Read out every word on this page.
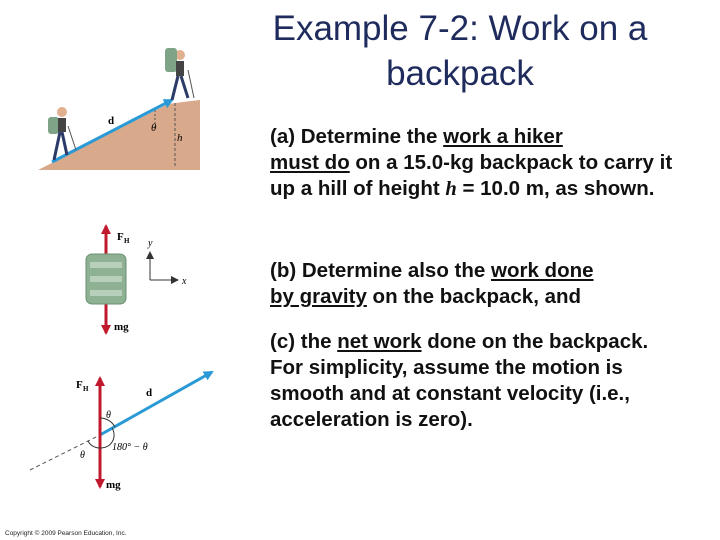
Example 7-2: Work on a
backpack
(a) Determine the work a hiker
must do on a 15.0-kg backpack to carry it up a hill of height h = 10.0 m, as shown.
(b) Determine also the work done
by gravity on the backpack, and
(c) the net work done on the backpack.
For simplicity, assume the motion is smooth and at constant velocity (i.e., acceleration is zero).
d
θ
h
F H y
x
mg
F H	d
θ
180° − θ
θ
mg
Copyright © 2009 Pearson Education, Inc.
